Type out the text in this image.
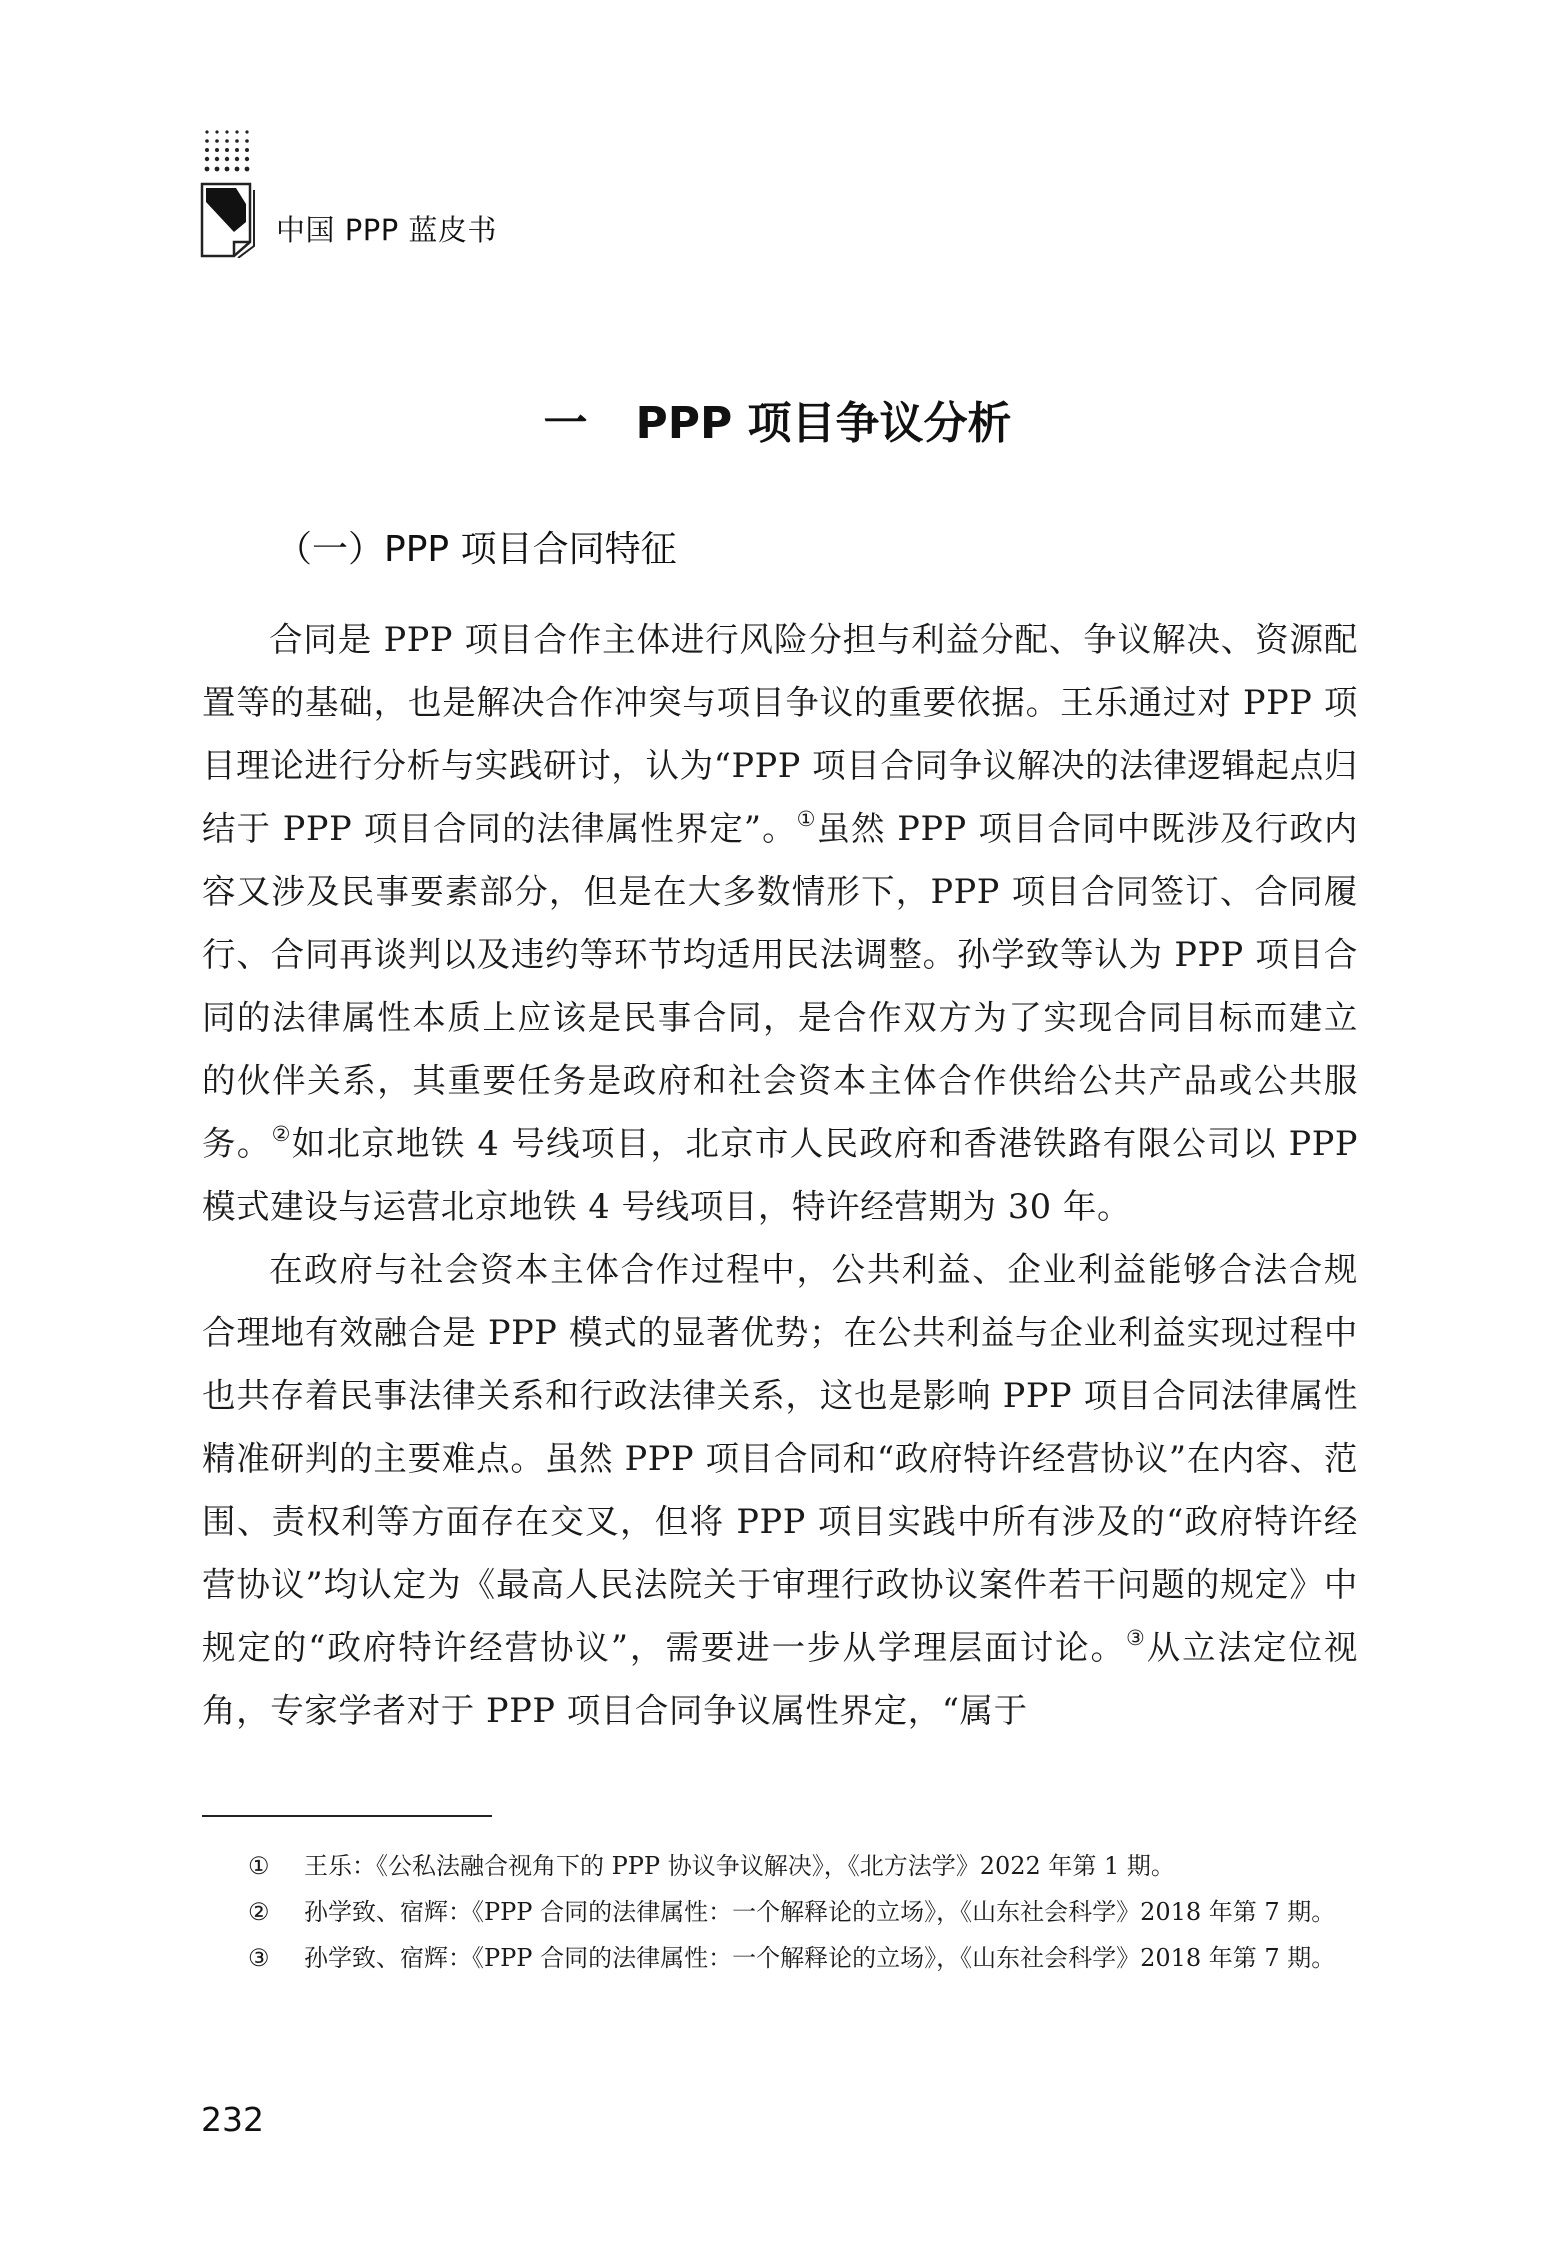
中国 PPP 蓝皮书
一 PPP 项目争议分析
（一）PPP 项目合同特征

合同是 PPP 项目合作主体进行风险分担与利益分配、争议解决、资源配置等的基础，也是解决合作冲突与项目争议的重要依据。王乐通过对 PPP 项目理论进行分析与实践研讨，认为“PPP 项目合同争议解决的法律逻辑起点归结于 PPP 项目合同的法律属性界定”。①虽然 PPP 项目合同中既涉及行政内容又涉及民事要素部分，但是在大多数情形下，PPP 项目合同签订、合同履行、合同再谈判以及违约等环节均适用民法调整。孙学致等认为 PPP 项目合同的法律属性本质上应该是民事合同，是合作双方为了实现合同目标而建立的伙伴关系，其重要任务是政府和社会资本主体合作供给公共产品或公共服务。②如北京地铁 4 号线项目，北京市人民政府和香港铁路有限公司以 PPP 模式建设与运营北京地铁 4 号线项目，特许经营期为 30 年。

在政府与社会资本主体合作过程中，公共利益、企业利益能够合法合规合理地有效融合是 PPP 模式的显著优势；在公共利益与企业利益实现过程中也共存着民事法律关系和行政法律关系，这也是影响 PPP 项目合同法律属性精准研判的主要难点。虽然 PPP 项目合同和“政府特许经营协议”在内容、范围、责权利等方面存在交叉，但将 PPP 项目实践中所有涉及的“政府特许经营协议”均认定为《最高人民法院关于审理行政协议案件若干问题的规定》中规定的“政府特许经营协议”，需要进一步从学理层面讨论。③从立法定位视角，专家学者对于 PPP 项目合同争议属性界定，“属于

① 王乐：《公私法融合视角下的 PPP 协议争议解决》，《北方法学》2022 年第 1 期。

② 孙学致、宿辉：《PPP 合同的法律属性：一个解释论的立场》，《山东社会科学》2018 年第 7 期。

③ 孙学致、宿辉：《PPP 合同的法律属性：一个解释论的立场》，《山东社会科学》2018 年第 7 期。

232
